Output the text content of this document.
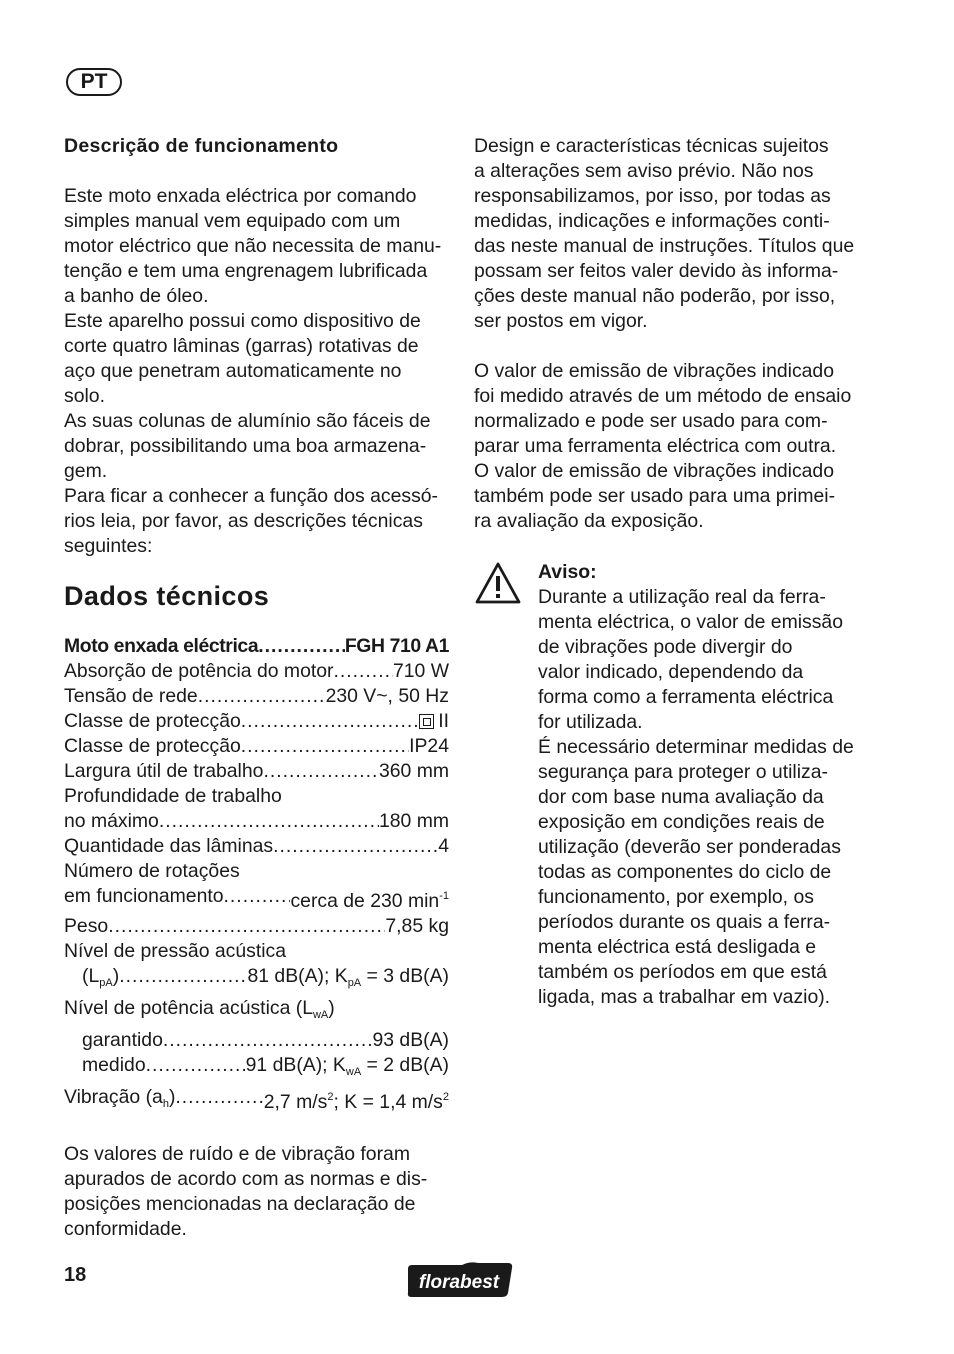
PT

Descrição de funcionamento

Este moto enxada eléctrica por comando
simples manual vem equipado com um
motor eléctrico que não necessita de manu-
tenção e tem uma engrenagem lubrificada
a banho de óleo.
Este aparelho possui como dispositivo de
corte quatro lâminas (garras) rotativas de
aço que penetram automaticamente no
solo.
As suas colunas de alumínio são fáceis de
dobrar, possibilitando uma boa armazena-
gem.
Para ficar a conhecer a função dos acessó-
rios leia, por favor, as descrições técnicas
seguintes:

Dados técnicos

Moto enxada eléctrica .....	FGH 710 A1
Absorção de potência do motor .....	710 W
Tensão de rede .....	230 V~, 50 Hz
Classe de protecção .....	II
Classe de protecção .....	IP24
Largura útil de trabalho .....	360 mm
Profundidade de trabalho
no máximo .....	180 mm
Quantidade das lâminas .....	4
Número de rotações
em funcionamento .....	cerca de 230 $\min^{-1}$
Peso .....	7,85 kg
Nível de pressão acústica
$(L_{pA})$ .....	81 dB(A); $K_{pA} = 3$ dB(A)
Nível de potência acústica $(L_{wA})$
garantido .....	93 dB(A)
medido .....	91 dB(A); $K_{wA} = 2$ dB(A)
Vibração $(a_h)$ .....	2,7 $m/s^2$; K = 1,4 $m/s^2$
Os valores de ruído e de vibração foram
apurados de acordo com as normas e dis-
posições mencionadas na declaração de
conformidade.
Design e características técnicas sujeitos
a alterações sem aviso prévio. Não nos
responsabilizamos, por isso, por todas as
medidas, indicações e informações conti-
das neste manual de instruções. Títulos que
possam ser feitos valer devido às informa-
ções deste manual não poderão, por isso,
ser postos em vigor.
O valor de emissão de vibrações indicado
foi medido através de um método de ensaio
normalizado e pode ser usado para com-
parar uma ferramenta eléctrica com outra.
O valor de emissão de vibrações indicado
também pode ser usado para uma primei-
ra avaliação da exposição.
Aviso:
Durante a utilização real da ferra-
menta eléctrica, o valor de emissão
de vibrações pode divergir do
valor indicado, dependendo da
forma como a ferramenta eléctrica
for utilizada.
É necessário determinar medidas de
segurança para proteger o utiliza-
dor com base numa avaliação da
exposição em condições reais de
utilização (deverão ser ponderadas
todas as componentes do ciclo de
funcionamento, por exemplo, os
períodos durante os quais a ferra-
menta eléctrica está desligada e
também os períodos em que está
ligada, mas a trabalhar em vazio).
18	florabest
